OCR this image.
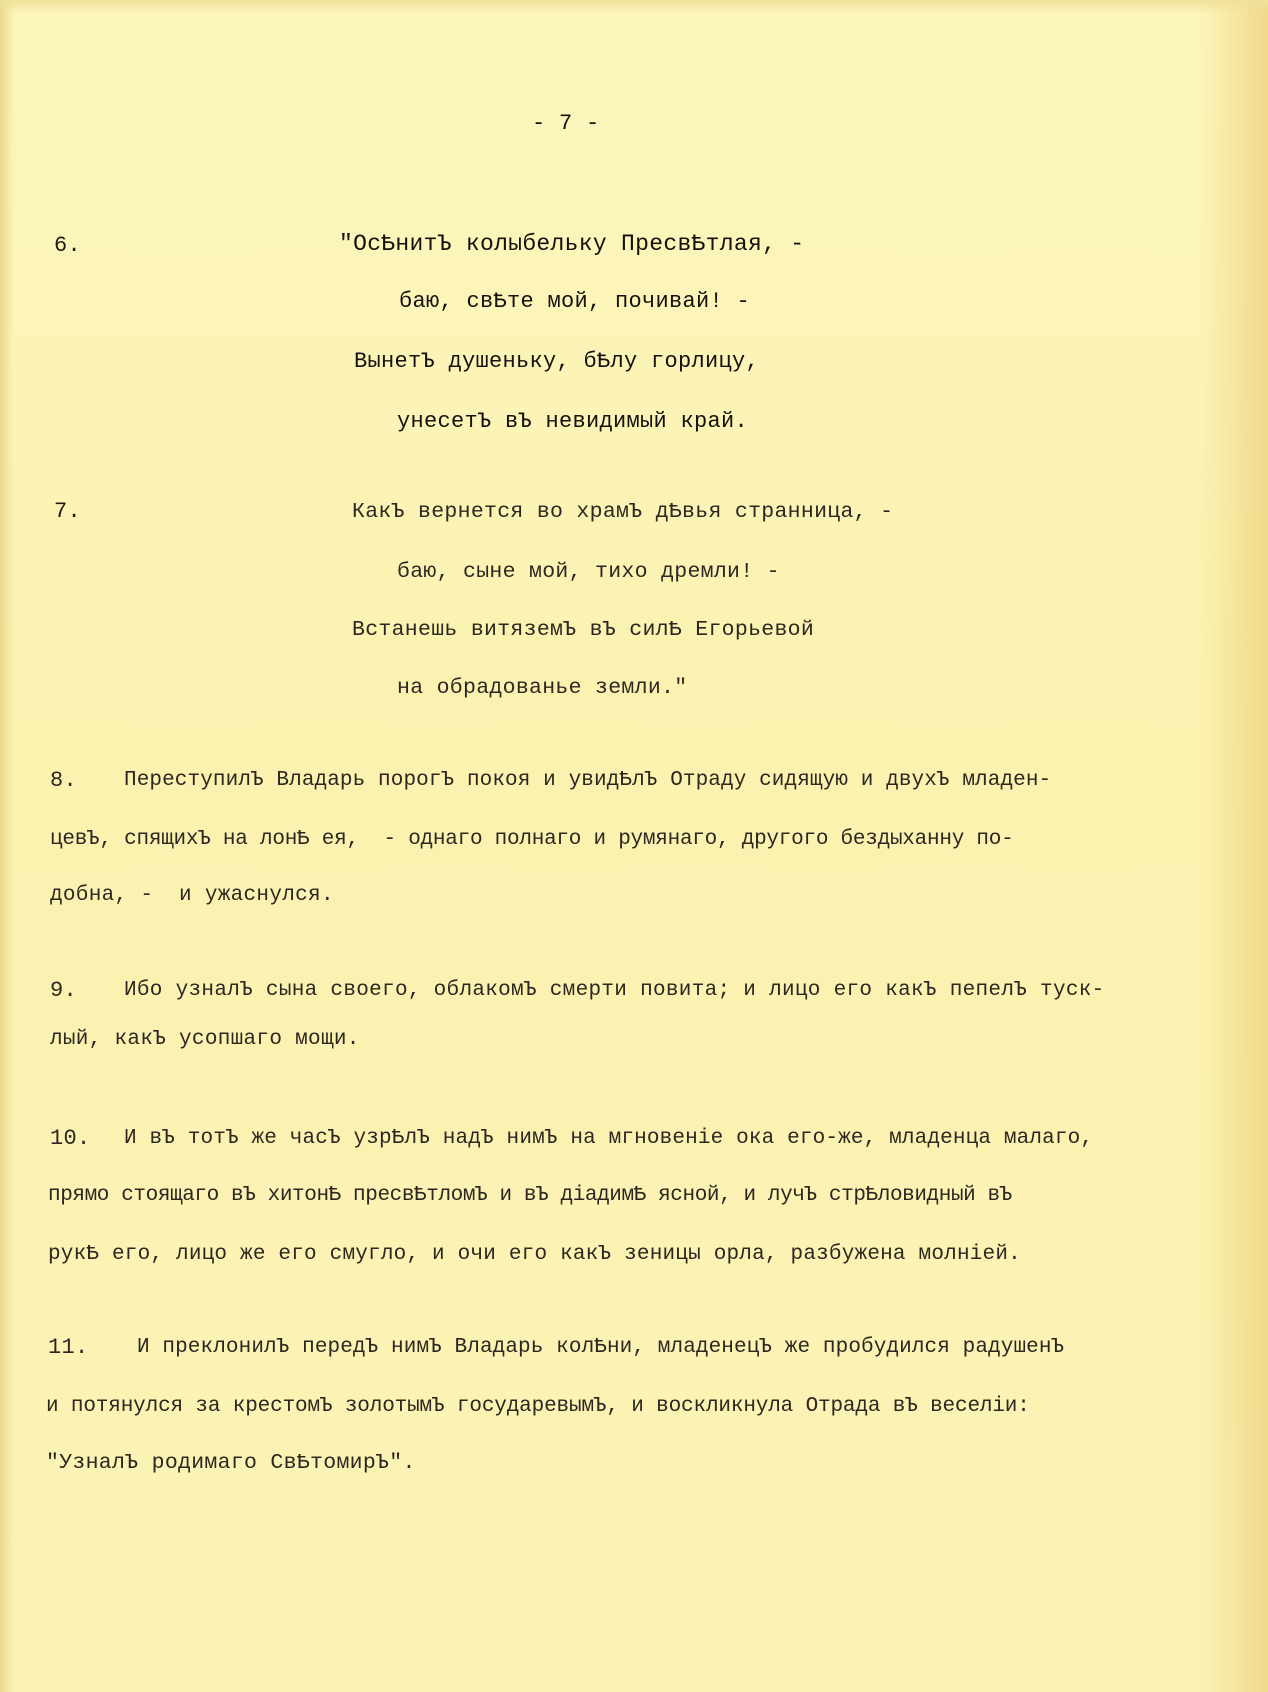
- 7 -
6.	"ОсѢнитЪ колыбельку ПресвѢтлая, -
баю, свѢте мой, почивай! -
ВынетЪ душеньку, бѢлу горлицу,
унесетЪ вЪ невидимый край.
7.	КакЪ вернется во храмЪ дѢвья странница, -
баю, сыне мой, тихо дремли! -
Встанешь витяземЪ вЪ силѢ Егорьевой
на обрадованье земли."
8. ПереступилЪ Владарь порогЪ покоя и увидѢлЪ Отраду сидящую и двухЪ младен-
цевЪ, спящихЪ на лонѢ ея,  - однаго полнаго и румянаго, другого бездыханну по-
добна, -  и ужаснулся.
9. Ибо узналЪ сына своего, облакомЪ смерти повита; и лицо его какЪ пепелЪ туск-
лый, какЪ усопшаго мощи.
10. И вЪ тотЪ же часЪ узрѢлЪ надЪ нимЪ на мгновенiе ока его-же, младенца малаго,
прямо стоящаго вЪ хитонѢ пресвѢтломЪ и вЪ дiадимѢ ясной, и лучЪ стрѢловидный вЪ
рукѢ его, лицо же его смугло, и очи его какЪ зеницы орла, разбужена молнiей.
11. И преклонилЪ передЪ нимЪ Владарь колѢни, младенецЪ же пробудился радушенЪ
и потянулся за крестомЪ золотымЪ государевымЪ, и воскликнула Отрада вЪ веселiи:
"УзналЪ родимаго СвѢтомирЪ".
